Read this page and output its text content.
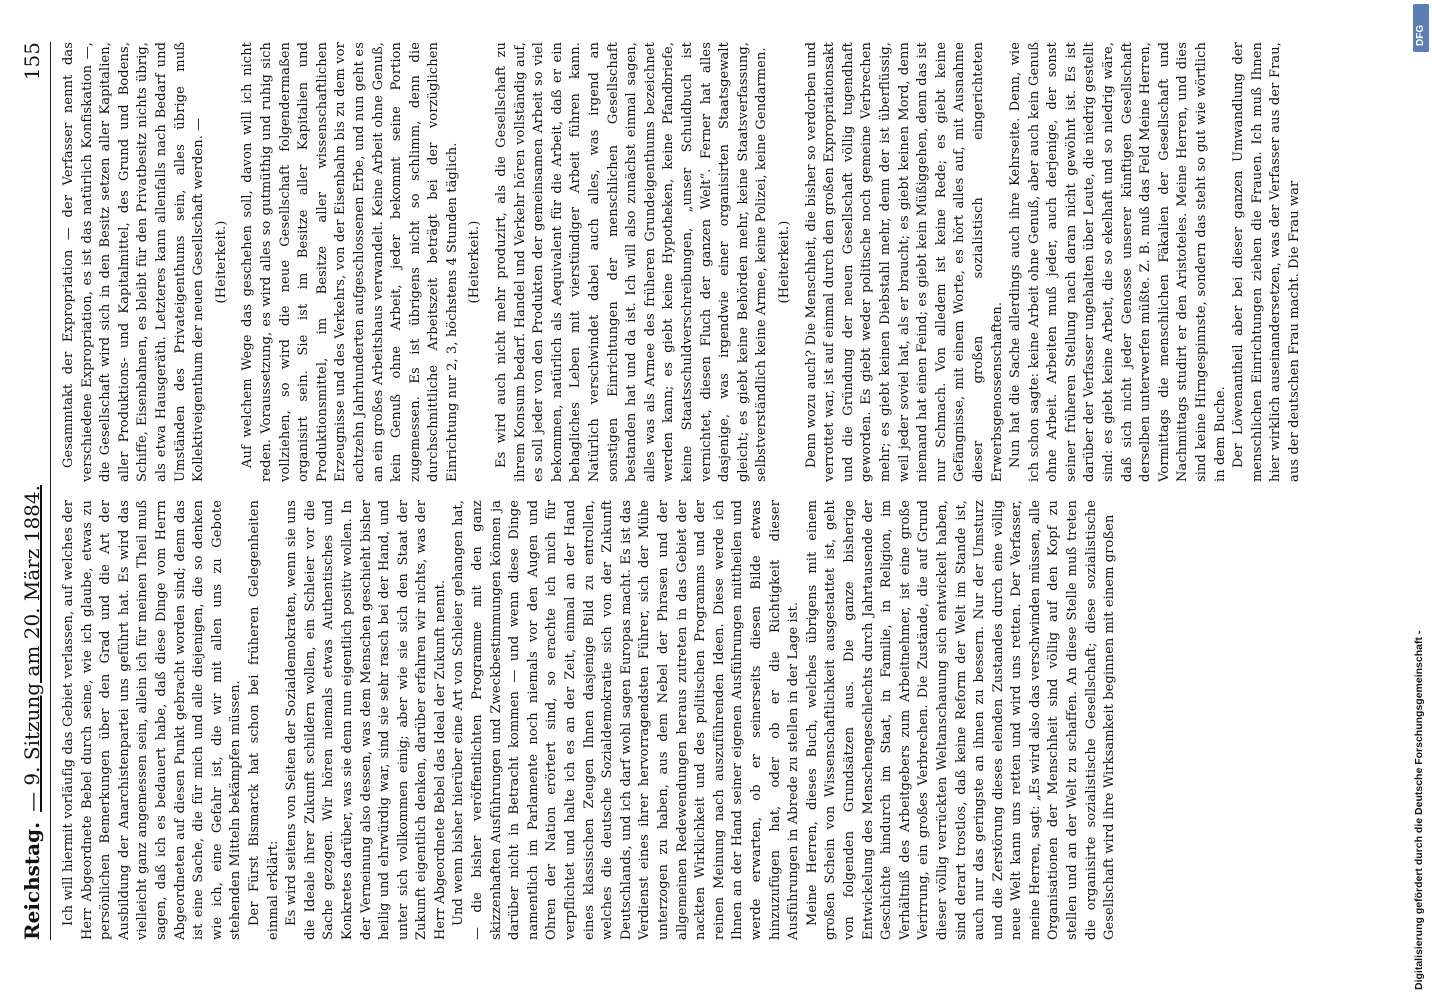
Reichstag.
— 9. Sitzung am 20. März 1884.
155

Ich will hiermit vorläufig das Gebiet verlassen, auf welches der Herr Abgeordnete Bebel durch seine, wie ich glaube, etwas zu persönlichen Bemerkungen über den Grad und die Art der Ausbildung der Anarchistenpartei uns geführt hat. Es wird das vielleicht ganz angemessen sein, allein ich für meinen Theil muß sagen, daß ich es bedauert habe, daß diese Dinge vom Herrn Abgeordneten auf diesen Punkt gebracht worden sind; denn das ist eine Sache, die für mich und alle diejenigen, die so denken wie ich, eine Gefahr ist, die wir mit allen uns zu Gebote stehenden Mitteln bekämpfen müssen. Der Fürst Bismarck hat schon bei früheren Gelegenheiten einmal erklärt: Es wird seitens von Seiten der Sozialdemokraten, wenn sie uns die Ideale ihrer Zukunft schildern wollen, ein Schleier vor die Sache gezogen. Wir hören niemals etwas Authentisches und Konkretes darüber, was sie denn nun eigentlich positiv wollen. In der Verneinung also dessen, was dem Menschen geschieht bisher heilig und ehrwürdig war, sind sie sehr rasch bei der Hand, und unter sich vollkommen einig; aber wie sie sich den Staat der Zukunft eigentlich denken, darüber erfahren wir nichts, was der Herr Abgeordnete Bebel das Ideal der Zukunft nennt. Und wenn bisher hierüber eine Art von Schleier gehangen hat, — die bisher veröffentlichten Programme mit den ganz skizzenhaften Ausführungen und Zweckbestimmungen können ja darüber nicht in Betracht kommen — und wenn diese Dinge namentlich im Parlamente noch niemals vor den Augen und Ohren der Nation erörtert sind, so erachte ich mich für verpflichtet und halte ich es an der Zeit, einmal an der Hand eines klassischen Zeugen Ihnen dasjenige Bild zu entrollen, welches die deutsche Sozialdemokratie sich von der Zukunft Deutschlands, und ich darf wohl sagen Europas macht. Es ist das Verdienst eines ihrer hervorragendsten Führer, sich der Mühe unterzogen zu haben, aus dem Nebel der Phrasen und der allgemeinen Redewendungen heraus zutreten in das Gebiet der nackten Wirklichkeit und des politischen Programms und der reinen Meinung nach auszuführenden Ideen. Diese werde ich Ihnen an der Hand seiner eigenen Ausführungen mittheilen und werde erwarten, ob er seinerseits diesen Bilde etwas hinzuzufügen hat, oder ob er die Richtigkeit dieser Ausführungen in Abrede zu stellen in der Lage ist. Meine Herren, dieses Buch, welches übrigens mit einem großen Schein von Wissenschaftlichkeit ausgestattet ist, geht von folgenden Grundsätzen aus. Die ganze bisherige Entwickelung des Menschengeschlechts durch Jahrtausende der Geschichte hindurch im Staat, in Familie, in Religion, im Verhältniß des Arbeitgebers zum Arbeitnehmer, ist eine große Verirrung, ein großes Verbrechen. Die Zustände, die auf Grund dieser völlig verrückten Weltanschauung sich entwickelt haben, sind derart trostlos, daß keine Reform der Welt im Stande ist, auch nur das geringste an ihnen zu bessern. Nur der Umsturz und die Zerstörung dieses elenden Zustandes durch eine völlig neue Welt kann uns retten und wird uns retten. Der Verfasser, meine Herren, sagt: „Es wird also das verschwinden müssen, alle Organisationen der Menschheit sind völlig auf den Kopf zu stellen und an der Welt zu schaffen. An diese Stelle muß treten die organisirte sozialistische Gesellschaft; diese sozialistische Gesellschaft wird ihre Wirksamkeit beginnen mit einem großen

Gesammtakt der Expropriation — der Verfasser nennt das verschiedene Expropriation, es ist das natürlich Konfiskation —, die Gesellschaft wird sich in den Besitz setzen aller Kapitalien, aller Produktions- und Kapitalmittel, des Grund und Bodens, Schiffe, Eisenbahnen, es bleibt für den Privatbesitz nichts übrig, als etwa Hausgeräth. Letzteres kann allenfalls nach Bedarf und Umständen des Privateigenthums sein, alles übrige muß Kollektiveigenthum der neuen Gesellschaft werden. — (Heiterkeit.) Auf welchem Wege das geschehen soll, davon will ich nicht reden. Voraussetzung, es wird alles so gutmüthig und ruhig sich vollziehen, so wird die neue Gesellschaft folgendermaßen organisirt sein. Sie ist im Besitze aller Kapitalien und Produktionsmittel, im Besitze aller wissenschaftlichen Erzeugnisse und des Verkehrs, von der Eisenbahn bis zu dem vor achtzehn Jahrhunderten aufgeschlossenen Erbe, und nun geht es an ein großes Arbeitshaus verwandelt. Keine Arbeit ohne Genuß, kein Genuß ohne Arbeit, jeder bekommt seine Portion zugemessen. Es ist übrigens nicht so schlimm, denn die durchschnittliche Arbeitszeit beträgt bei der vorzüglichen Einrichtung nur 2, 3, höchstens 4 Stunden täglich. (Heiterkeit.) Es wird auch nicht mehr produzirt, als die Gesellschaft zu ihrem Konsum bedarf. Handel und Verkehr hören vollständig auf, es soll jeder von den Produkten der gemeinsamen Arbeit so viel bekommen, natürlich als Aequivalent für die Arbeit, daß er ein behagliches Leben mit vierstündiger Arbeit führen kann. Natürlich verschwindet dabei auch alles, was irgend an sonstigen Einrichtungen der menschlichen Gesellschaft bestanden hat und da ist. Ich will also zunächst einmal sagen, alles was als Armee des früheren Grundeigenthums bezeichnet werden kann; es giebt keine Hypotheken, keine Pfandbriefe, keine Staatsschuldverschreibungen, „unser Schuldbuch ist vernichtet, diesen Fluch der ganzen Welt“. Ferner hat alles dasjenige, was irgendwie einer organisirten Staatsgewalt gleicht; es giebt keine Behörden mehr, keine Staatsverfassung, selbstverständlich keine Armee, keine Polizei, keine Gendarmen. (Heiterkeit.) Denn wozu auch? Die Menschheit, die bisher so verdorben und verrottet war, ist auf einmal durch den großen Expropriationsakt und die Gründung der neuen Gesellschaft völlig tugendhaft geworden. Es giebt weder politische noch gemeine Verbrechen mehr; es giebt keinen Diebstahl mehr, denn der ist überflüssig, weil jeder soviel hat, als er braucht; es giebt keinen Mord, denn niemand hat einen Feind; es giebt kein Müßiggehen, denn das ist nur Schmach. Von alledem ist keine Rede; es giebt keine Gefängnisse, mit einem Worte, es hört alles auf, mit Ausnahme dieser großen sozialistisch eingerichteten Erwerbsgenossenschaften. Nun hat die Sache allerdings auch ihre Kehrseite. Denn, wie ich schon sagte: keine Arbeit ohne Genuß, aber auch kein Genuß ohne Arbeit. Arbeiten muß jeder, auch derjenige, der sonst seiner früheren Stellung nach daran nicht gewöhnt ist. Es ist darüber der Verfasser ungehalten über Leute, die niedrig gestellt sind: es giebt keine Arbeit, die so ekelhaft und so niedrig wäre, daß sich nicht jeder Genosse unserer künftigen Gesellschaft derselben unterwerfen müßte. Z. B. muß das Feld Meine Herren, Vormittags die menschlichen Fäkalien der Gesellschaft und Nachmittags studirt er den Aristoteles. Meine Herren, und dies sind keine Hirngespinnste, sondern das steht so gut wie wörtlich in dem Buche. Der Löwenantheil aber bei dieser ganzen Umwandlung der menschlichen Einrichtungen ziehen die Frauen. Ich muß Ihnen hier wirklich auseinandersetzen, was der Verfasser aus der Frau, aus der deutschen Frau macht. Die Frau war

Digitalisierung gefördert durch die Deutsche Forschungsgemeinschaft -
DFG
